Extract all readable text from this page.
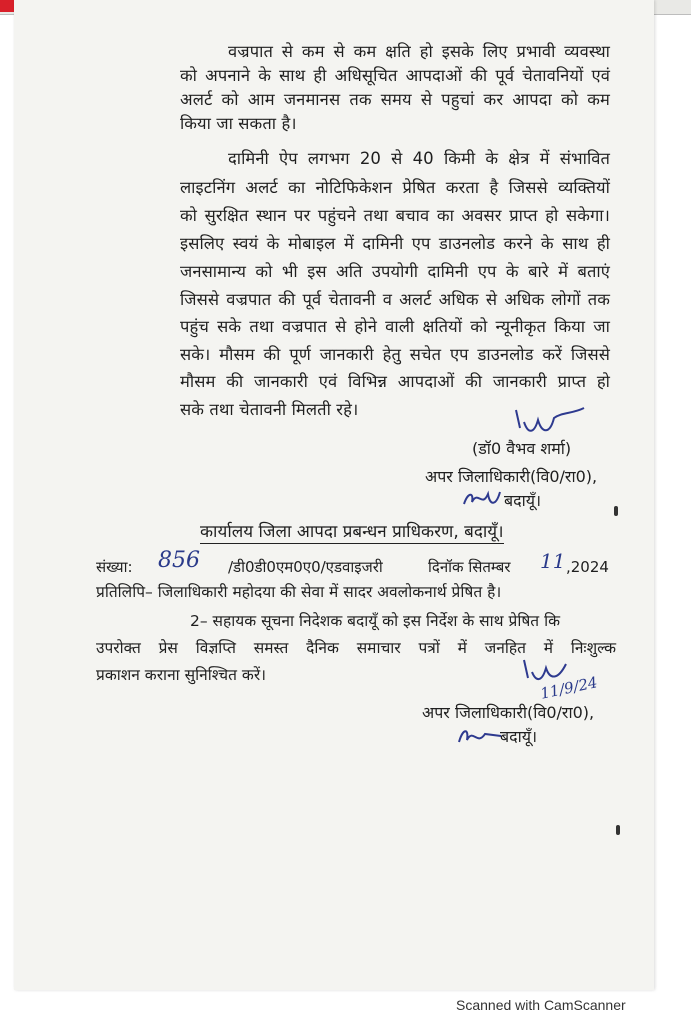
वज्रपात से कम से कम क्षति हो इसके लिए प्रभावी व्यवस्था
को अपनाने के साथ ही अधिसूचित आपदाओं की पूर्व चेतावनियों एवं
अलर्ट को आम जनमानस तक समय से पहुचां कर आपदा को कम
किया जा सकता है।
दामिनी ऐप लगभग 20 से 40 किमी के क्षेत्र में संभावित
लाइटनिंग अलर्ट का नोटिफिकेशन प्रेषित करता है जिससे व्यक्तियों
को सुरक्षित स्थान पर पहुंचने तथा बचाव का अवसर प्राप्त हो सकेगा।
इसलिए स्वयं के मोबाइल में दामिनी एप डाउनलोड करने के साथ ही
जनसामान्य को भी इस अति उपयोगी दामिनी एप के बारे में बताएं
जिससे वज्रपात की पूर्व चेतावनी व अलर्ट अधिक से अधिक लोगों तक
पहुंच सके तथा वज्रपात से होने वाली क्षतियों को न्यूनीकृत किया जा
सके। मौसम की पूर्ण जानकारी हेतु सचेत एप डाउनलोड करें जिससे
मौसम की जानकारी एवं विभिन्न आपदाओं की जानकारी प्राप्त हो
सके तथा चेतावनी मिलती रहे।
(डॉ0 वैभव शर्मा)
अपर जिलाधिकारी(वि0/रा0),
बदायूँ।
कार्यालय जिला आपदा प्रबन्धन प्राधिकरण, बदायूँ।
संख्या: 856 /डी0डी0एम0ए0/एडवाइजरी	दिनॉक सितम्बर 11 ,2024
प्रतिलिपि– जिलाधिकारी महोदया की सेवा में सादर अवलोकनार्थ प्रेषित है।
2– सहायक सूचना निदेशक बदायूँ को इस निर्देश के साथ प्रेषित कि
उपरोक्त प्रेस विज्ञप्ति समस्त दैनिक समाचार पत्रों में जनहित में निःशुल्क
प्रकाशन कराना सुनिश्चित करें।	11/9/24
अपर जिलाधिकारी(वि0/रा0),
बदायूँ।
Scanned with CamScanner
